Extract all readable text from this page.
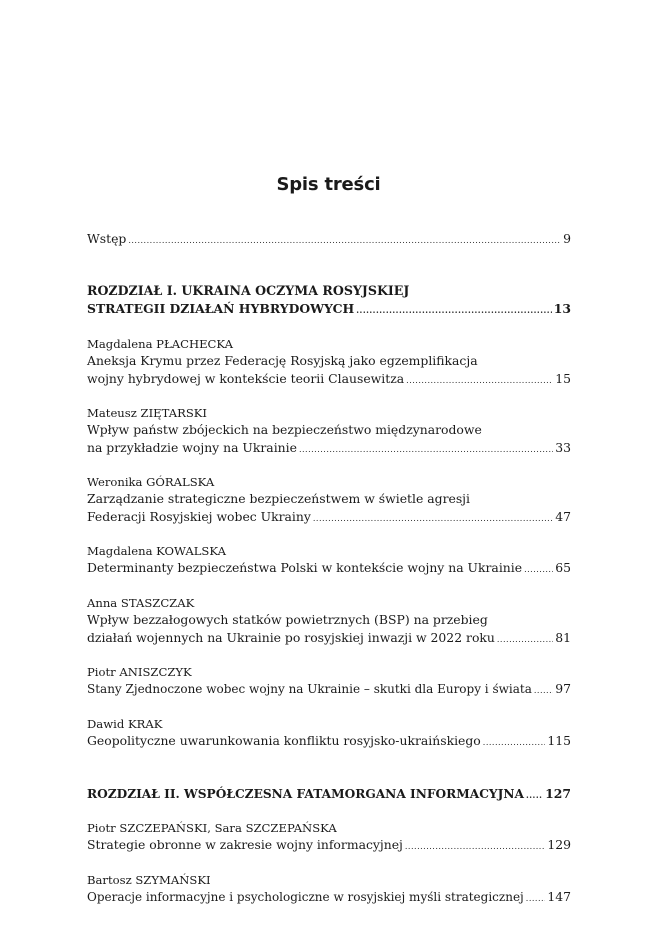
Spis treści
Wstęp .....	9
ROZDZIAŁ I. UKRAINA OCZYMA ROSYJSKIEJ
STRATEGII DZIAŁAŃ HYBRYDOWYCH .....	13
Magdalena PŁACHECKA
Aneksja Krymu przez Federację Rosyjską jako egzemplifikacja
wojny hybrydowej w kontekście teorii Clausewitza .....	15
Mateusz ZIĘTARSKI
Wpływ państw zbójeckich na bezpieczeństwo międzynarodowe
na przykładzie wojny na Ukrainie .....	33
Weronika GÓRALSKA
Zarządzanie strategiczne bezpieczeństwem w świetle agresji
Federacji Rosyjskiej wobec Ukrainy .....	47
Magdalena KOWALSKA
Determinanty bezpieczeństwa Polski w kontekście wojny na Ukrainie .....	65
Anna STASZCZAK
Wpływ bezzałogowych statków powietrznych (BSP) na przebieg
działań wojennych na Ukrainie po rosyjskiej inwazji w 2022 roku .....	81
Piotr ANISZCZYK
Stany Zjednoczone wobec wojny na Ukrainie – skutki dla Europy i świata ..... 97
Dawid KRAK
Geopolityczne uwarunkowania konfliktu rosyjsko-ukraińskiego .....	115
ROZDZIAŁ II. WSPÓŁCZESNA FATAMORGANA INFORMACYJNA ..... 127
Piotr SZCZEPAŃSKI, Sara SZCZEPAŃSKA
Strategie obronne w zakresie wojny informacyjnej .....	129
Bartosz SZYMAŃSKI
Operacje informacyjne i psychologiczne w rosyjskiej myśli strategicznej ..... 147
